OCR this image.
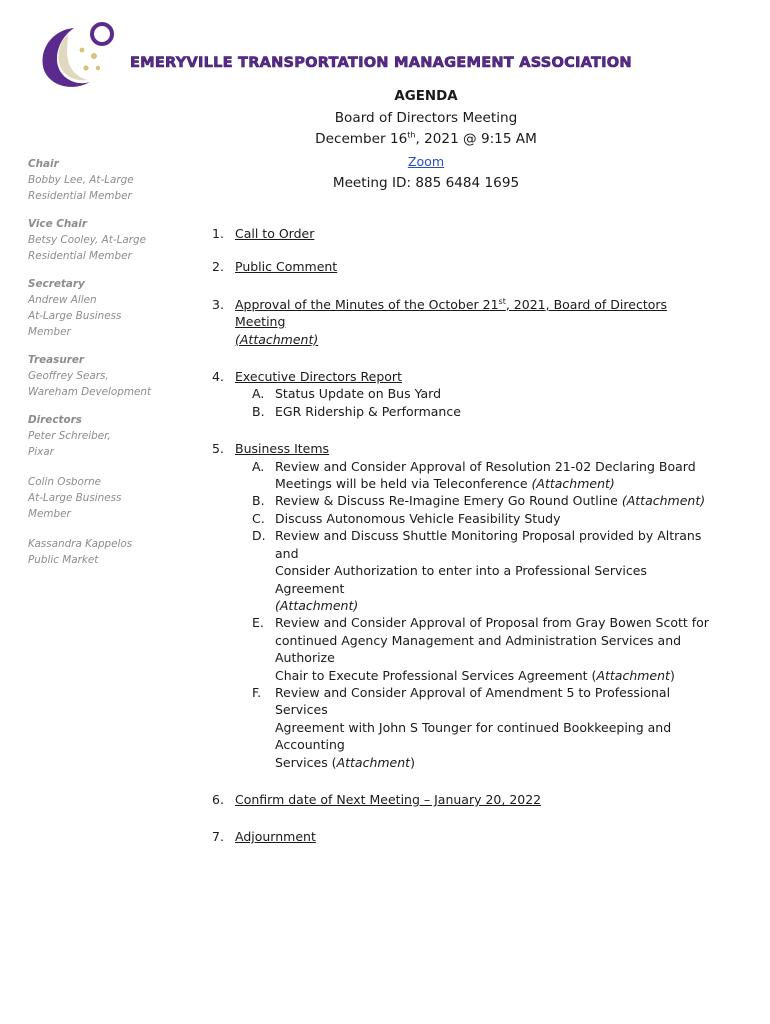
EMERYVILLE TRANSPORTATION MANAGEMENT ASSOCIATION
AGENDA
Board of Directors Meeting
December 16th, 2021 @ 9:15 AM
Zoom
Meeting ID: 885 6484 1695
Chair
Bobby Lee, At-Large
Residential Member
Vice Chair
Betsy Cooley, At-Large
Residential Member
Secretary
Andrew Allen
At-Large Business
Member
Treasurer
Geoffrey Sears,
Wareham Development
Directors
Peter Schreiber,
Pixar
Colin Osborne
At-Large Business
Member
Kassandra Kappelos
Public Market
1. Call to Order
2. Public Comment
3. Approval of the Minutes of the October 21st, 2021, Board of Directors Meeting
(Attachment)
4. Executive Directors Report
A. Status Update on Bus Yard
B. EGR Ridership & Performance
5. Business Items
A. Review and Consider Approval of Resolution 21-02 Declaring Board
Meetings will be held via Teleconference (Attachment)
B. Review & Discuss Re-Imagine Emery Go Round Outline (Attachment)
C. Discuss Autonomous Vehicle Feasibility Study
D. Review and Discuss Shuttle Monitoring Proposal provided by Altrans and
Consider Authorization to enter into a Professional Services Agreement
(Attachment)
E. Review and Consider Approval of Proposal from Gray Bowen Scott for
continued Agency Management and Administration Services and Authorize
Chair to Execute Professional Services Agreement (Attachment)
F. Review and Consider Approval of Amendment 5 to Professional Services
Agreement with John S Tounger for continued Bookkeeping and Accounting
Services (Attachment)
6. Confirm date of Next Meeting – January 20, 2022
7. Adjournment
